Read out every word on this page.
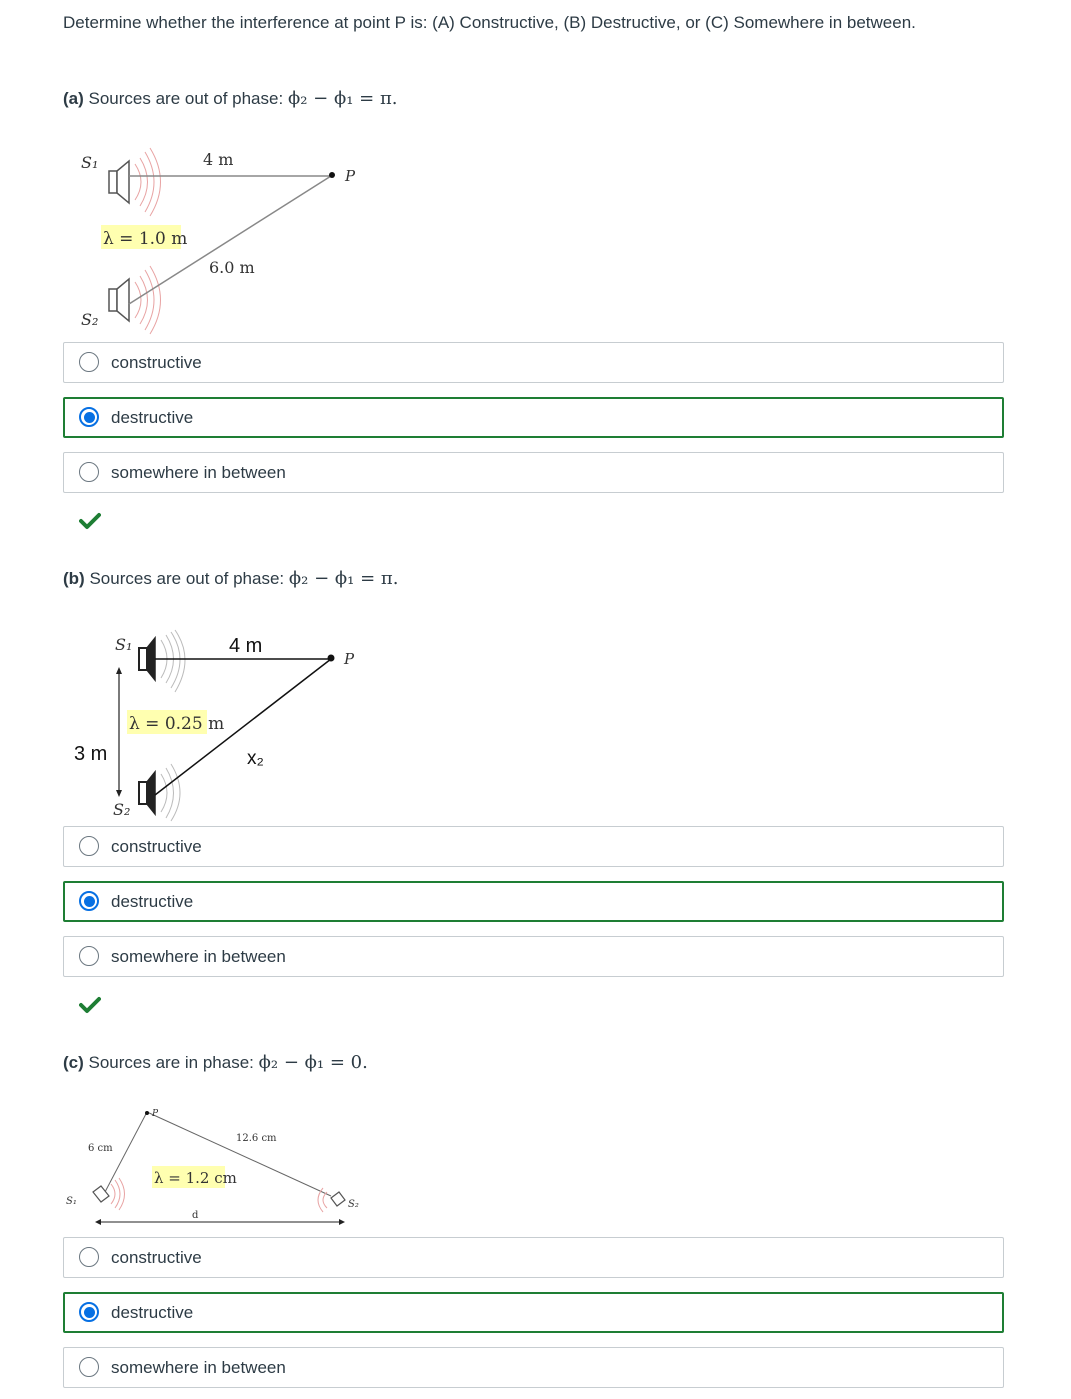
Determine whether the interference at point P is: (A) Constructive, (B) Destructive, or (C) Somewhere in between.
(a) Sources are out of phase: ϕ₂ − ϕ₁ = π.
S₁
S₂
P
4 m
λ = 1.0 m
6.0 m
constructive
destructive
somewhere in between
(b) Sources are out of phase: ϕ₂ − ϕ₁ = π.
S₁
S₂
P
4 m
λ = 0.25 m
3 m	x₂
constructive
destructive
somewhere in between
(c) Sources are in phase: ϕ₂ − ϕ₁ = 0.
P
6 cm
12.6 cm
λ = 1.2 cm
S₁	S₂
d
constructive
destructive
somewhere in between
